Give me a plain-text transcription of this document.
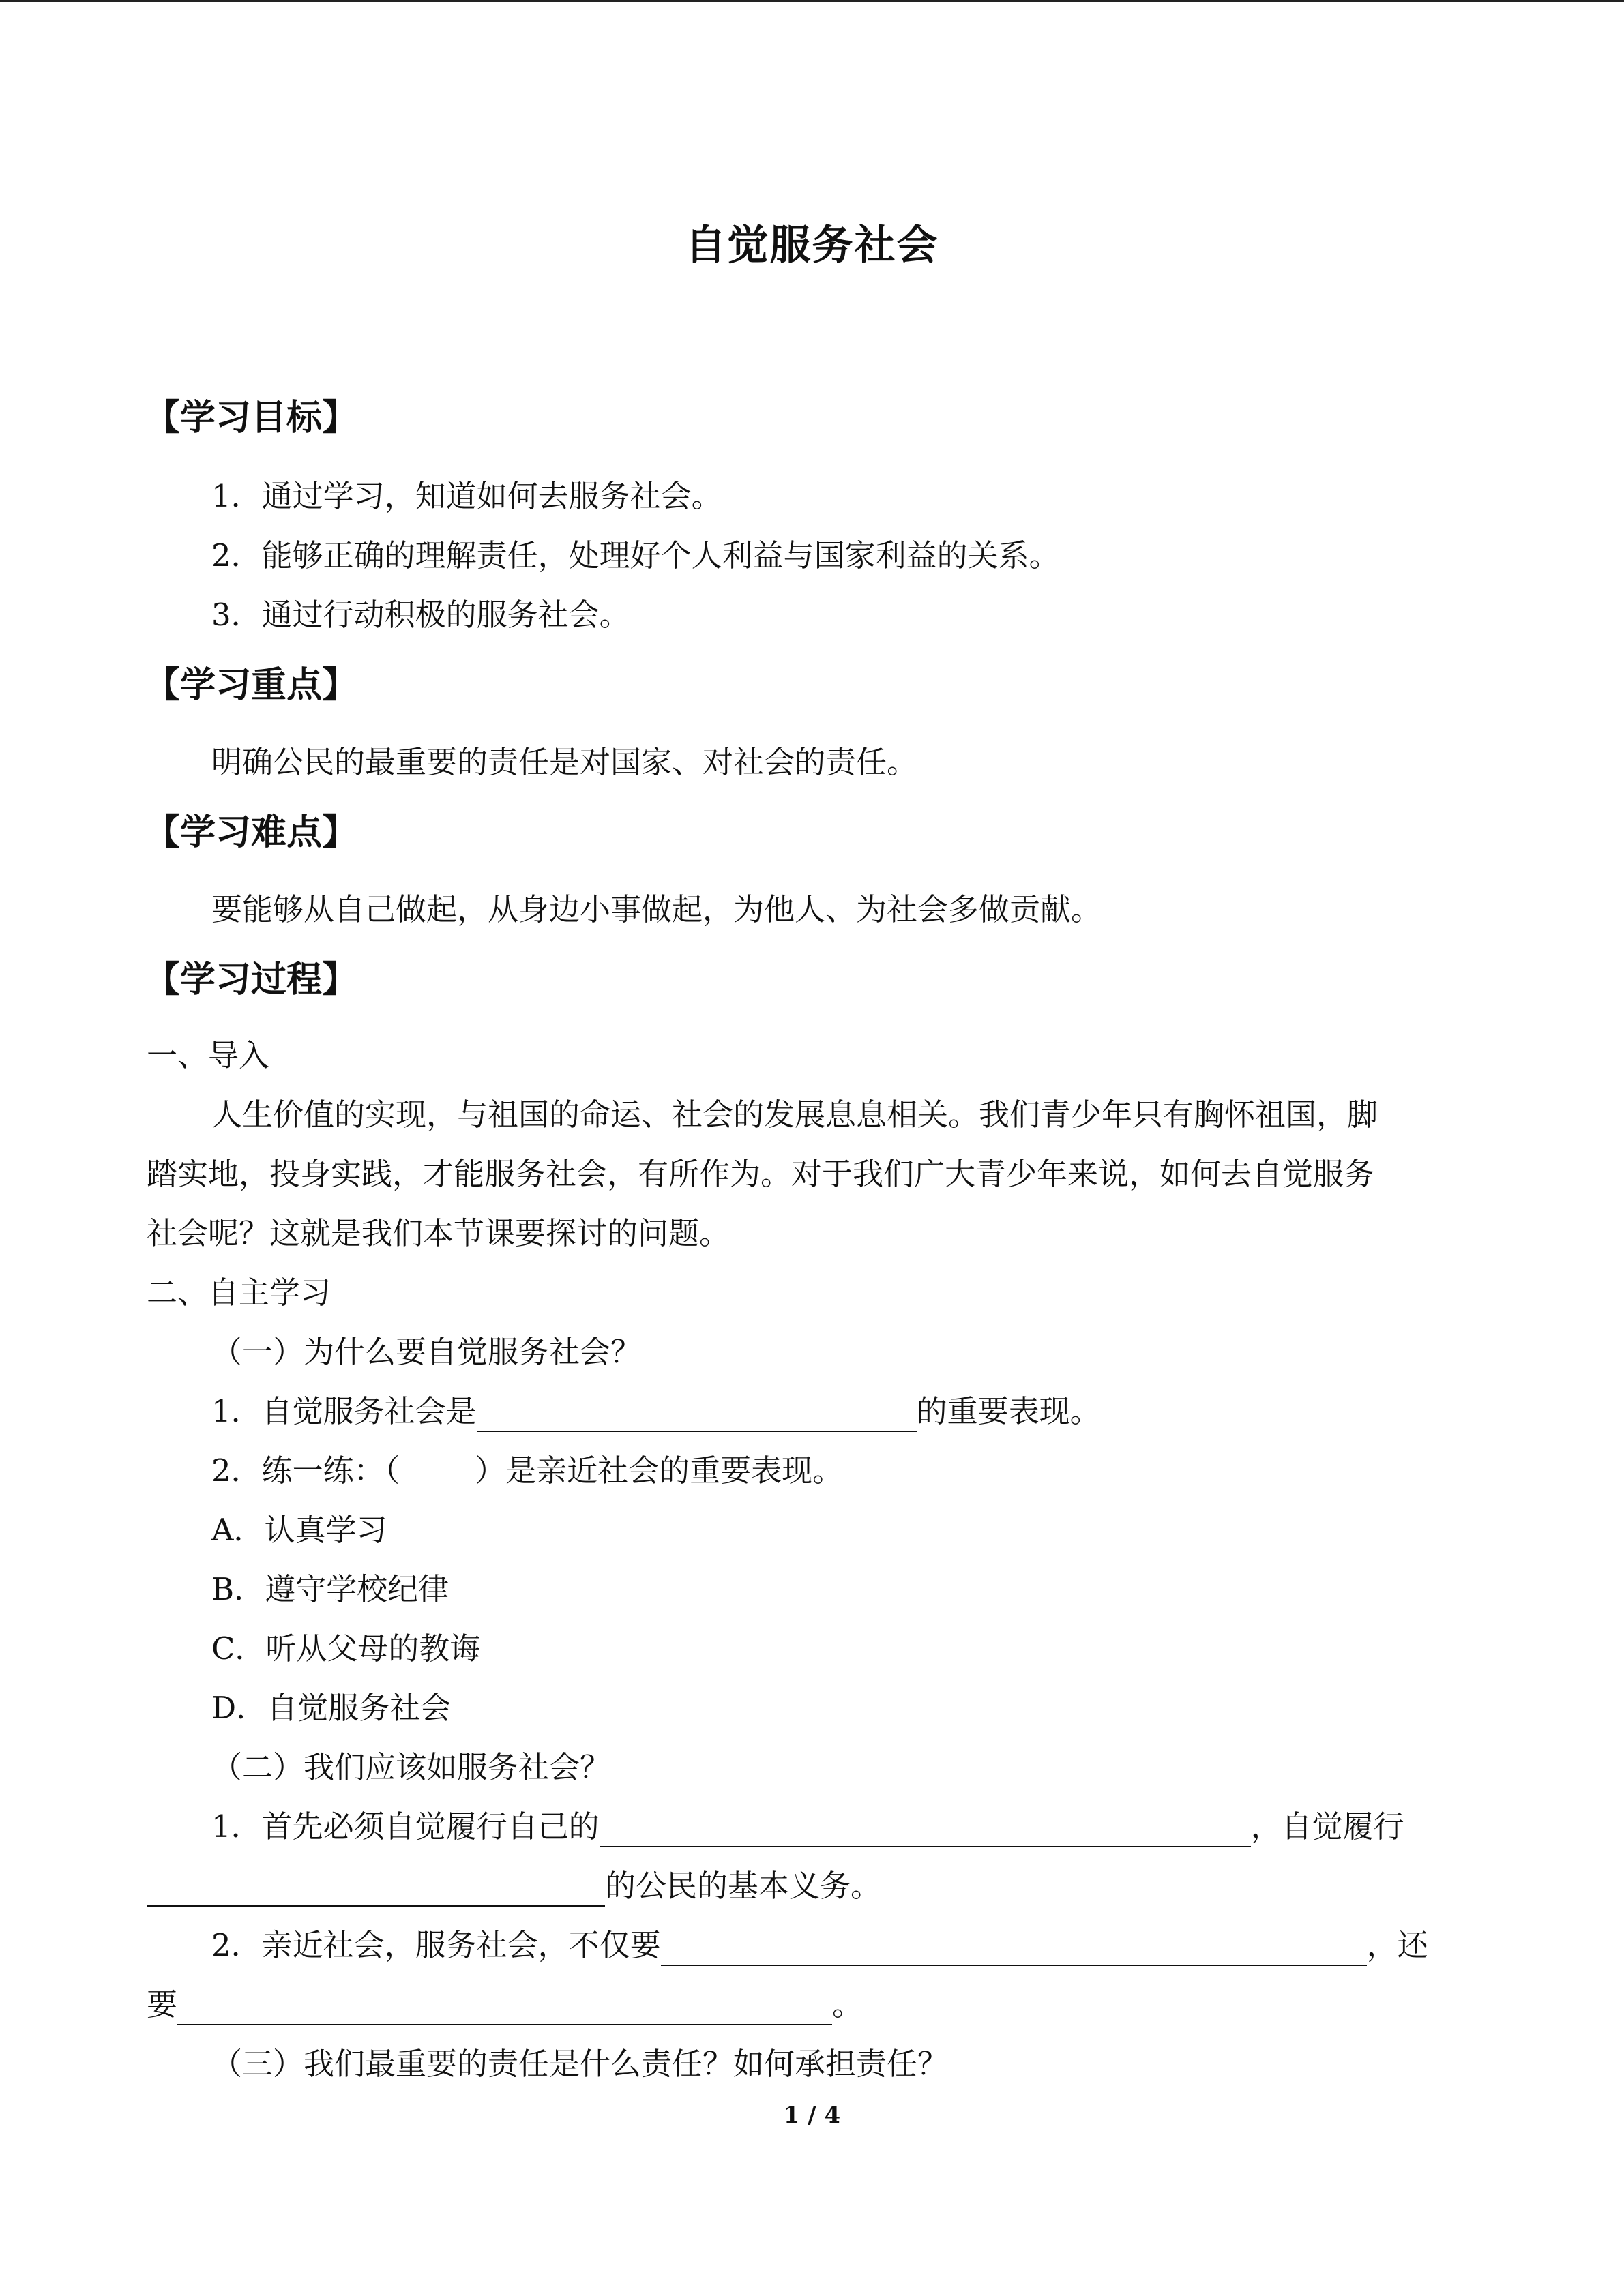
自觉服务社会
【学习目标】
1．通过学习，知道如何去服务社会。
2．能够正确的理解责任，处理好个人利益与国家利益的关系。
3．通过行动积极的服务社会。
【学习重点】
明确公民的最重要的责任是对国家、对社会的责任。
【学习难点】
要能够从自己做起，从身边小事做起，为他人、为社会多做贡献。
【学习过程】
一、导入
人生价值的实现，与祖国的命运、社会的发展息息相关。我们青少年只有胸怀祖国，脚
踏实地，投身实践，才能服务社会，有所作为。对于我们广大青少年来说，如何去自觉服务
社会呢？这就是我们本节课要探讨的问题。
二、自主学习
（一）为什么要自觉服务社会？
1．自觉服务社会是	的重要表现。
2．练一练：（ ）是亲近社会的重要表现。
A．认真学习
B．遵守学校纪律
C．听从父母的教诲
D．自觉服务社会
（二）我们应该如服务社会？
1．首先必须自觉履行自己的	，自觉履行
的公民的基本义务。
2．亲近社会，服务社会，不仅要	，还
要	。
（三）我们最重要的责任是什么责任？如何承担责任？
1 / 4
